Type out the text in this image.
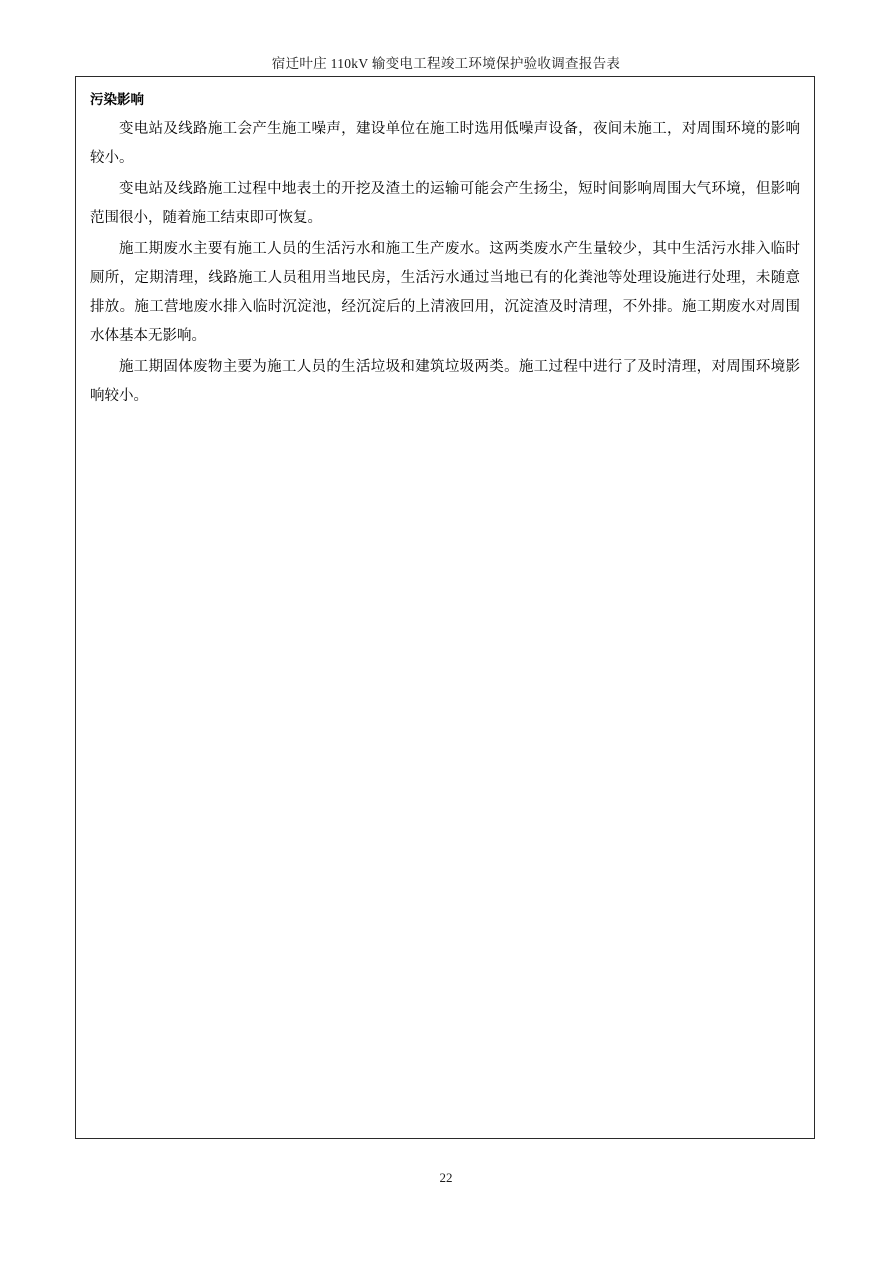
宿迁叶庄 110kV 输变电工程竣工环境保护验收调查报告表
污染影响

变电站及线路施工会产生施工噪声，建设单位在施工时选用低噪声设备，夜间未施工，对周围环境的影响较小。

变电站及线路施工过程中地表土的开挖及渣土的运输可能会产生扬尘，短时间影响周围大气环境，但影响范围很小，随着施工结束即可恢复。

施工期废水主要有施工人员的生活污水和施工生产废水。这两类废水产生量较少，其中生活污水排入临时厕所，定期清理，线路施工人员租用当地民房，生活污水通过当地已有的化粪池等处理设施进行处理，未随意排放。施工营地废水排入临时沉淀池，经沉淀后的上清液回用，沉淀渣及时清理，不外排。施工期废水对周围水体基本无影响。

施工期固体废物主要为施工人员的生活垃圾和建筑垃圾两类。施工过程中进行了及时清理，对周围环境影响较小。

22
